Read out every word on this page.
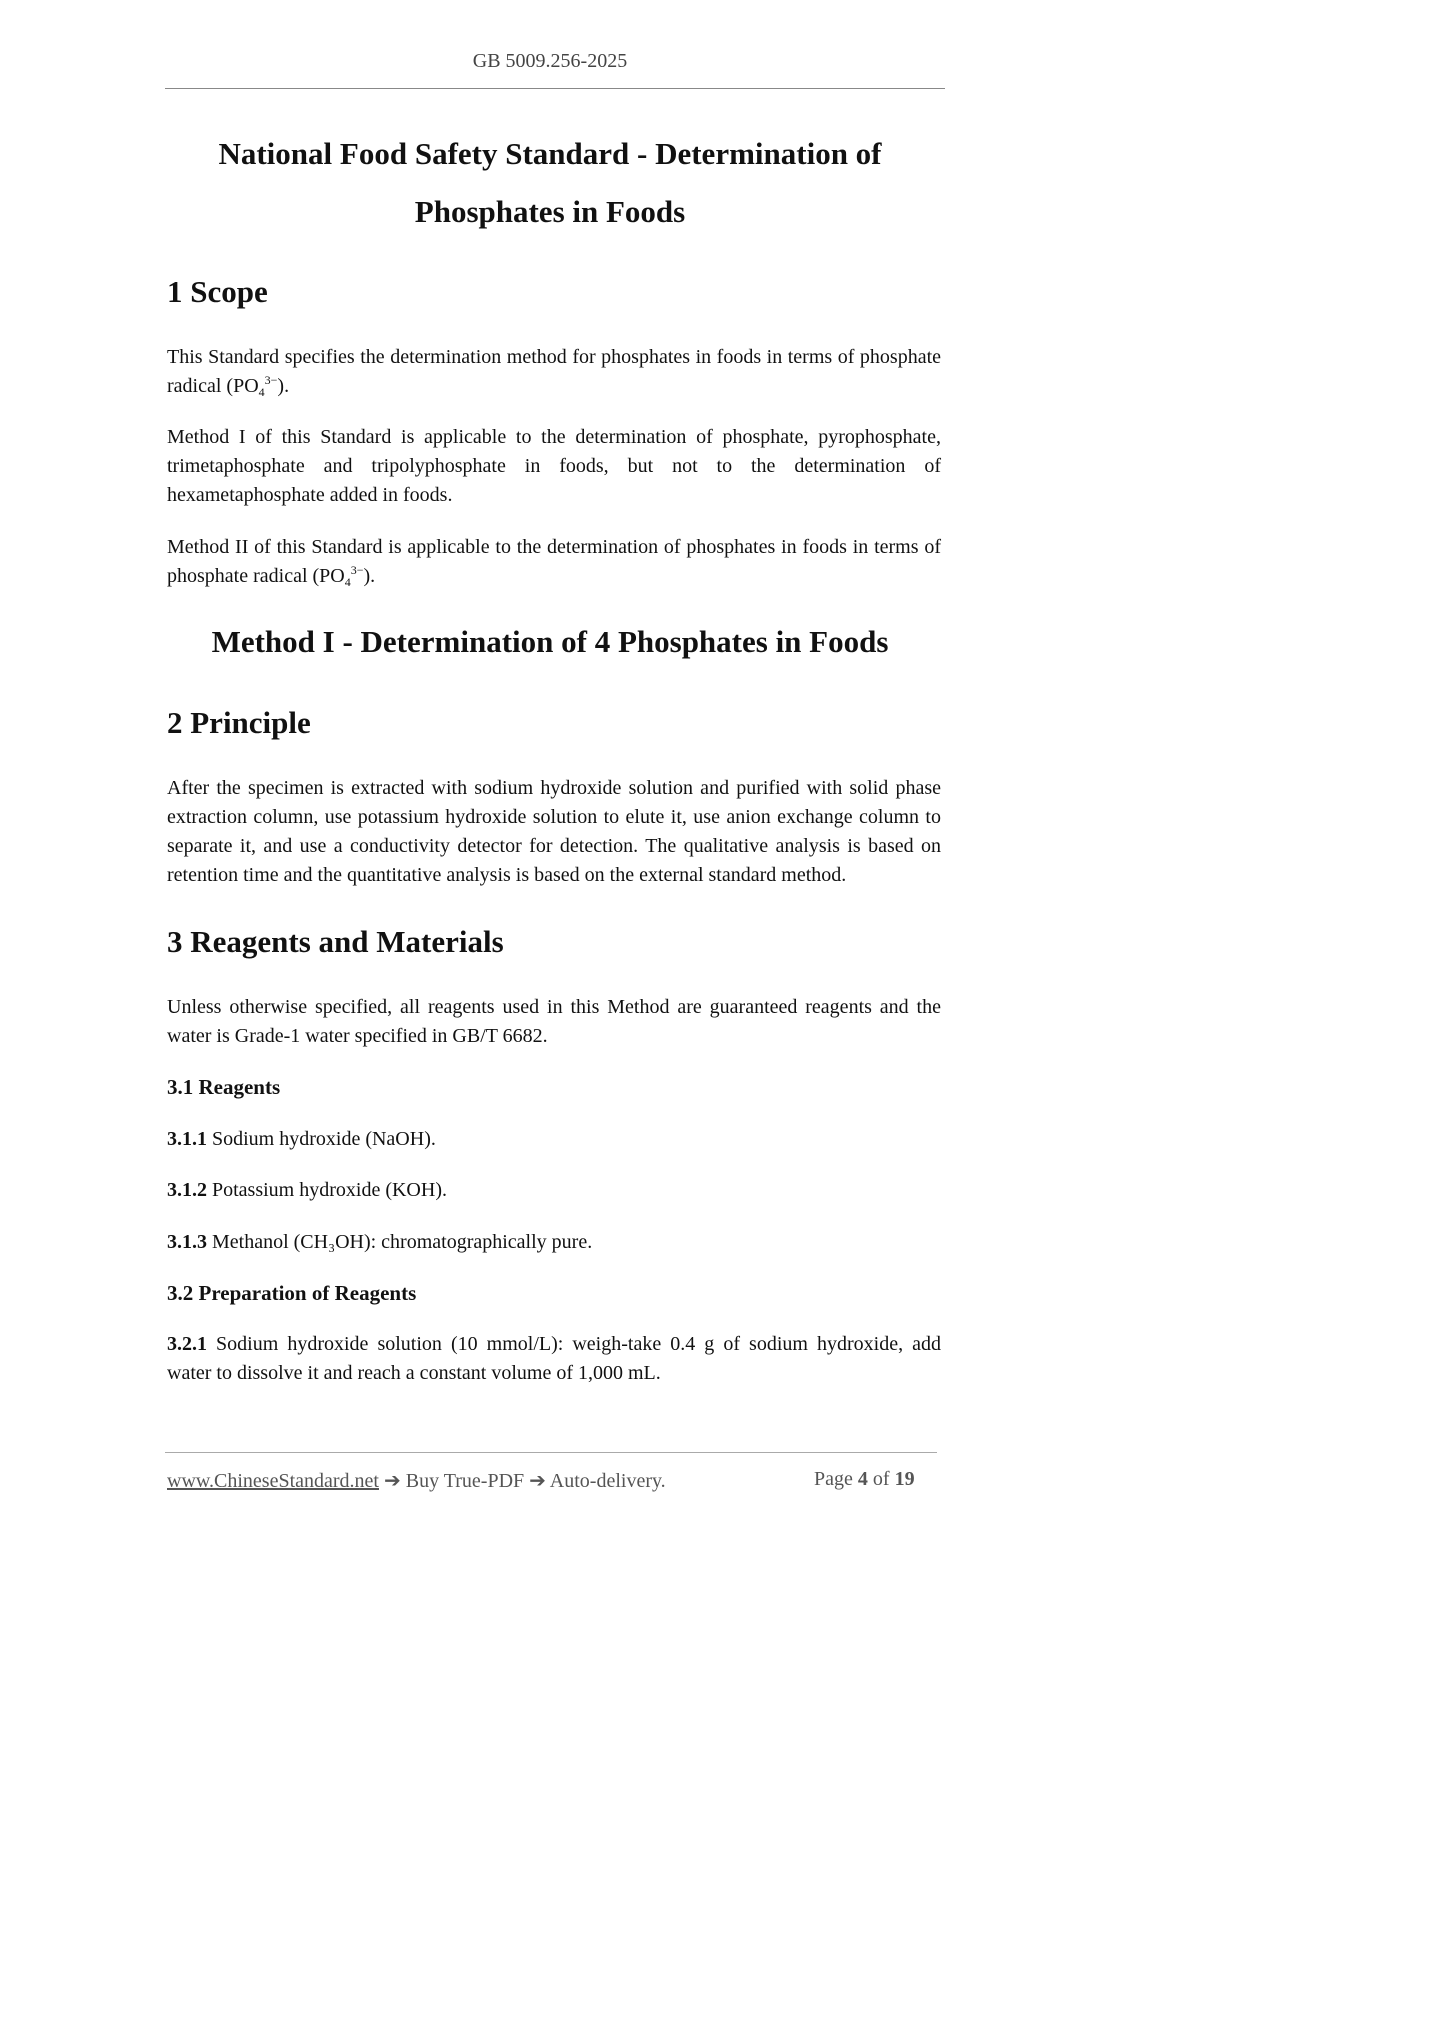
GB 5009.256-2025
National Food Safety Standard - Determination of
Phosphates in Foods
1 Scope
This Standard specifies the determination method for phosphates in foods in terms of phosphate
radical $(PO_4^{3-})$.
Method I of this Standard is applicable to the determination of phosphate, pyrophosphate,
trimetaphosphate and tripolyphosphate in foods, but not to the determination of
hexametaphosphate added in foods.
Method II of this Standard is applicable to the determination of phosphates in foods in terms of
phosphate radical $(PO_4^{3-})$.
Method I - Determination of 4 Phosphates in Foods
2 Principle
After the specimen is extracted with sodium hydroxide solution and purified with solid phase extraction column, use potassium hydroxide solution to elute it, use anion exchange column to separate it, and use a conductivity detector for detection. The qualitative analysis is based on retention time and the quantitative analysis is based on the external standard method.
3 Reagents and Materials
Unless otherwise specified, all reagents used in this Method are guaranteed reagents and the water is Grade-1 water specified in GB/T 6682.
3.1 Reagents
3.1.1 Sodium hydroxide (NaOH).
3.1.2 Potassium hydroxide (KOH).
3.1.3 Methanol (CH₃OH): chromatographically pure.
3.2 Preparation of Reagents
3.2.1 Sodium hydroxide solution (10 mmol/L): weigh-take 0.4 g of sodium hydroxide, add water to dissolve it and reach a constant volume of 1,000 mL.
www.ChineseStandard.net ➔ Buy True-PDF ➔ Auto-delivery.	Page 4 of 19
